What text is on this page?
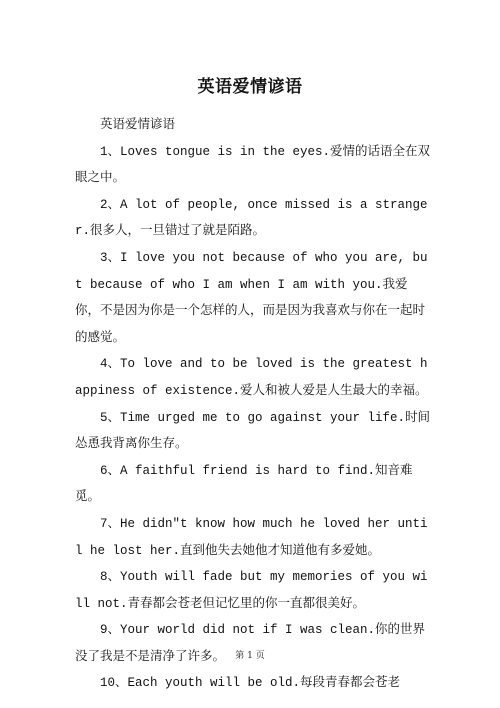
英语爱情谚语

英语爱情谚语

1、Loves tongue is in the eyes.爱情的话语全在双眼之中。

2、A lot of people, once missed is a stranger.很多人，一旦错过了就是陌路。

3、I love you not because of who you are, but because of who I am when I am with you.我爱你，不是因为你是一个怎样的人，而是因为我喜欢与你在一起时的感觉。

4、To love and to be loved is the greatest happiness of existence.爱人和被人爱是人生最大的幸福。

5、Time urged me to go against your life.时间怂恿我背离你生存。

6、A faithful friend is hard to find.知音难觅。

7、He didn"t know how much he loved her until he lost her.直到他失去她他才知道他有多爱她。

8、Youth will fade but my memories of you will not.青春都会苍老但记忆里的你一直都很美好。

9、Your world did not if I was clean.你的世界没了我是不是清净了许多。

10、Each youth will be old.每段青春都会苍老

第 1 页
